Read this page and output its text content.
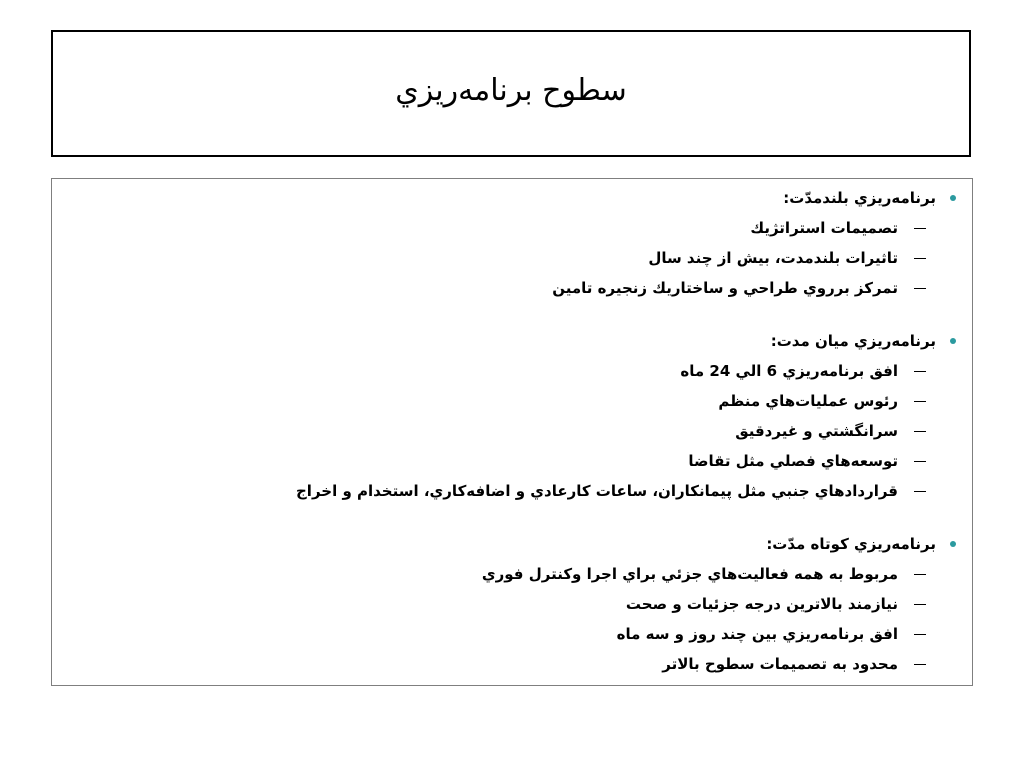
سطوح برنامه‌ريزي
برنامه‌ريزي بلندمدّت:
تصميمات استراتژيك
تاثيرات بلندمدت، بيش از چند سال
تمركز برروي طراحي و ساختاريك زنجيره تامين
برنامه‌ريزي ميان مدت:
افق برنامه‌ريزي 6 الي 24 ماه
رئوس عمليات‌هاي منظم
سرانگشتي و غيردقيق
توسعه‌هاي فصلي مثل تقاضا
قراردادهاي جنبي مثل پيمانكاران، ساعات كارعادي و اضافه‌كاري، استخدام و اخراج
برنامه‌ريزي كوتاه مدّت:
مربوط به همه فعاليت‌هاي جزئي براي اجرا وكنترل فوري
نيازمند بالاترين درجه جزئيات و صحت
افق برنامه‌ريزي بين چند روز و سه ماه
محدود به تصميمات سطوح بالاتر
